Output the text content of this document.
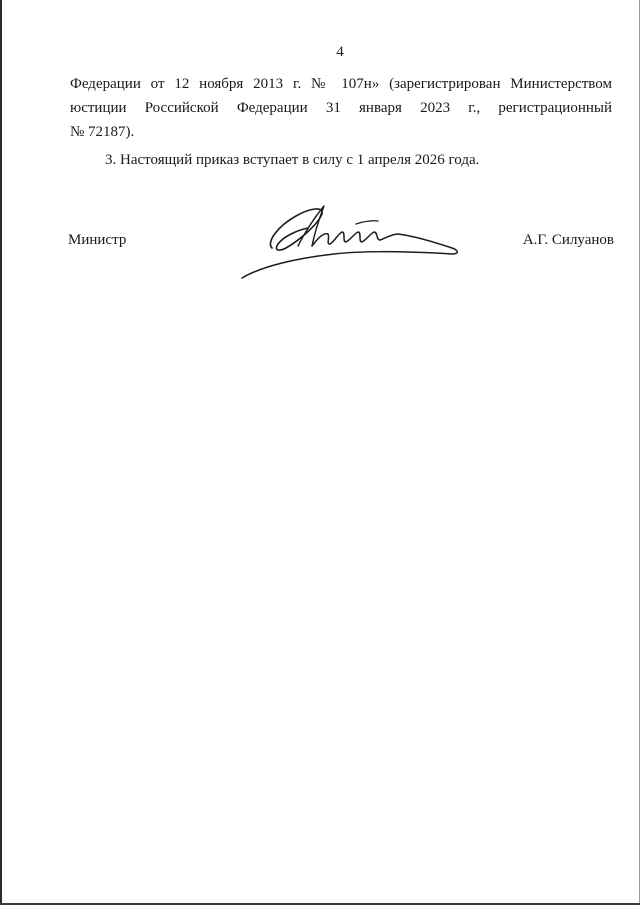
4
Федерации от 12 ноября 2013 г. № 107н» (зарегистрирован Министерством
юстиции Российской Федерации 31 января 2023 г., регистрационный
№ 72187).
3. Настоящий приказ вступает в силу с 1 апреля 2026 года.
Министр	А.Г. Силуанов
